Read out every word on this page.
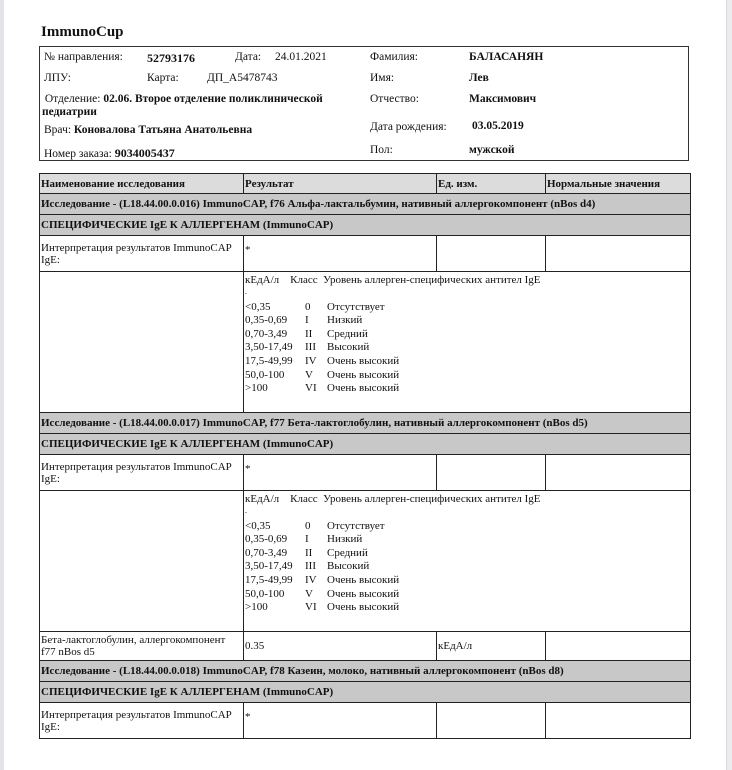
ImmunoCup
№ направления: 52793176	Дата: 24.01.2021
ЛПУ:	Карта: ДП_А5478743
Отделение: 02.06. Второе отделение поликлинической педиатрии
Врач: Коновалова Татьяна Анатольевна
Номер заказа: 9034005437
Фамилия:	БАЛАСАНЯН
Имя:	Лев
Отчество:	Максимович
Дата рождения: 03.05.2019
Пол:	мужской
Наименование исследования	Результат	Ед. изм.	Нормальные значения
Исследование - (L18.44.00.0.016) ImmunoCAP, f76 Альфа-лактальбумин, нативный аллергокомпонент (nBos d4)			
СПЕЦИФИЧЕСКИЕ IgE К АЛЛЕРГЕНАМ (ImmunoCAP)			
Интерпретация результатов ImmunoCAP IgE:	*		

кЕдА/л    Класс  Уровень аллерген-специфических антител IgE
.
<0,35	0	Отсутствует
0,35-0,69	I	Низкий
0,70-3,49	II	Средний
3,50-17,49	III	Высокий
17,5-49,99	IV Очень высокий
50,0-100	V	Очень высокий
>100	VI Очень высокий

Исследование - (L18.44.00.0.017) ImmunoCAP, f77 Бета-лактоглобулин, нативный аллергокомпонент (nBos d5)			
СПЕЦИФИЧЕСКИЕ IgE К АЛЛЕРГЕНАМ (ImmunoCAP)			
Интерпретация результатов ImmunoCAP IgE:	*		

кЕдА/л    Класс  Уровень аллерген-специфических антител IgE
.
<0,35	0	Отсутствует
0,35-0,69	I	Низкий
0,70-3,49	II	Средний
3,50-17,49	III	Высокий
17,5-49,99	IV Очень высокий
50,0-100	V	Очень высокий
>100	VI Очень высокий

Бета-лактоглобулин, аллергокомпонент f77 nBos d5	0.35	кЕдА/л	
Исследование - (L18.44.00.0.018) ImmunoCAP, f78 Казеин, молоко, нативный аллергокомпонент (nBos d8)			
СПЕЦИФИЧЕСКИЕ IgE К АЛЛЕРГЕНАМ (ImmunoCAP)			
Интерпретация результатов ImmunoCAP IgE:	*		
